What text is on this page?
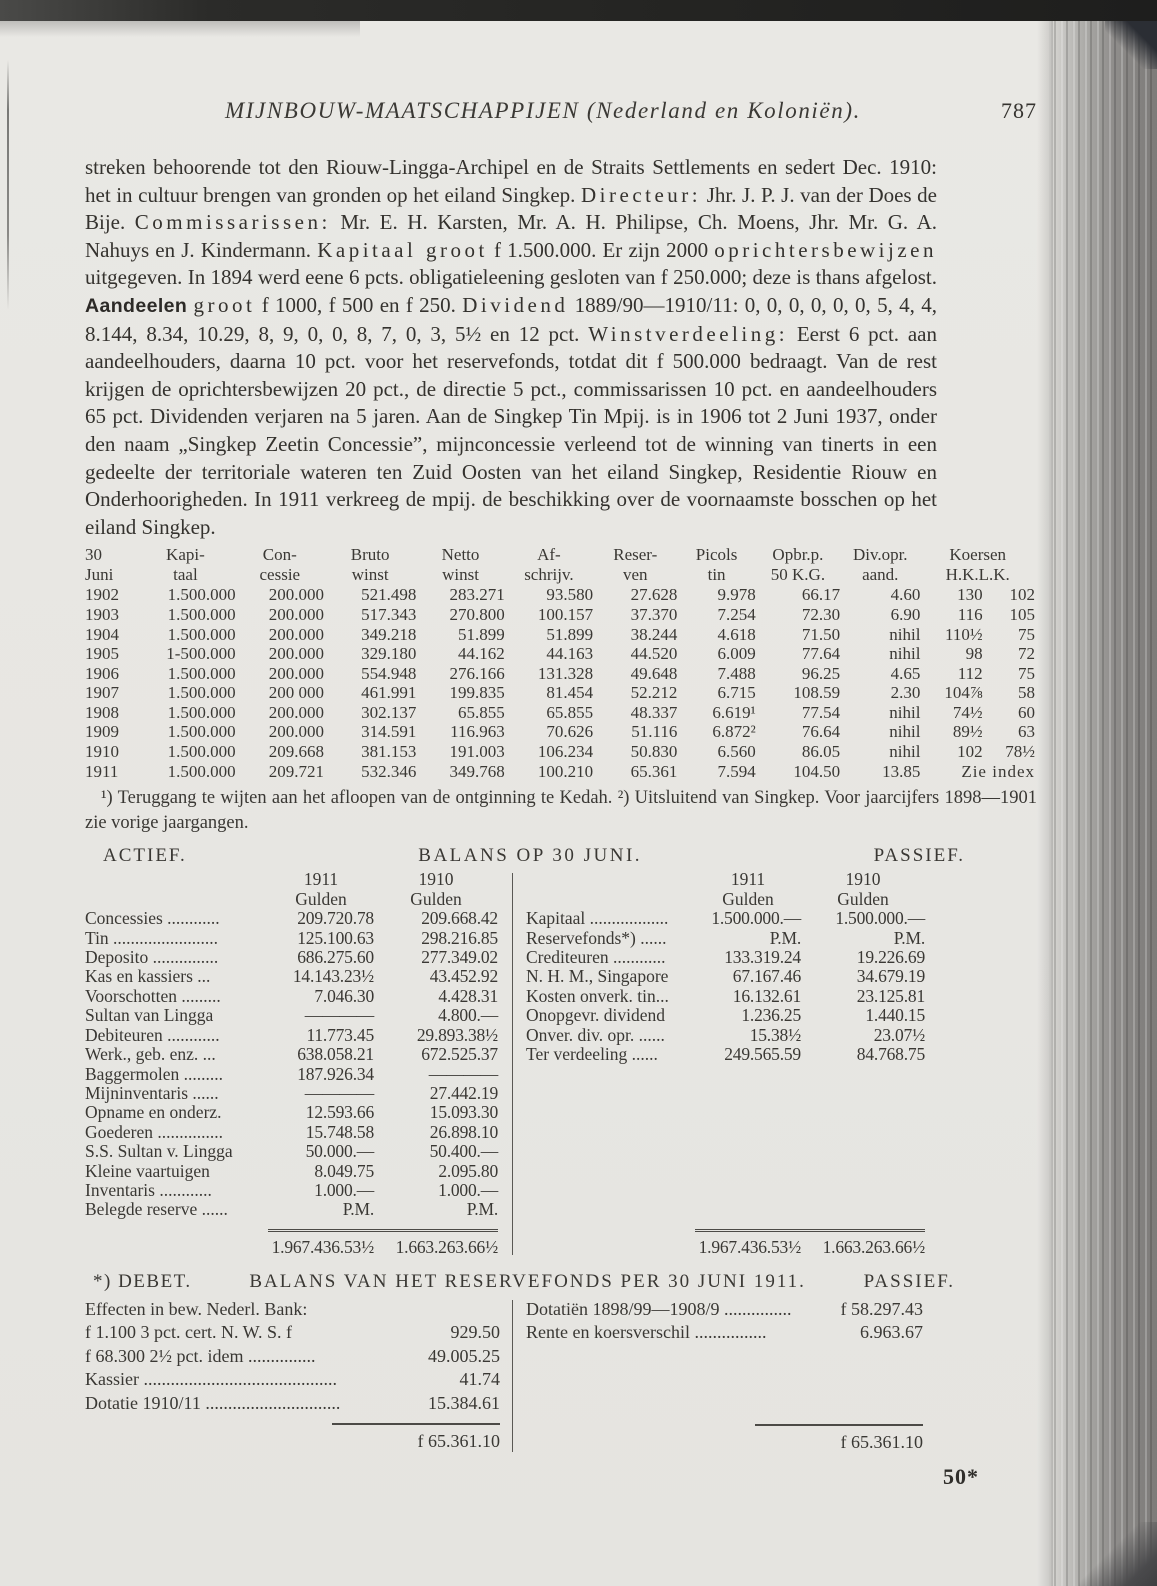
MIJNBOUW-MAATSCHAPPIJEN (Nederland en Koloniën).	787
streken behoorende tot den Riouw-Lingga-Archipel en de Straits Settlements en sedert Dec. 1910: het in cultuur brengen van gronden op het eiland Singkep. Directeur: Jhr. J. P. J. van der Does de Bije. Commissarissen: Mr. E. H. Karsten, Mr. A. H. Philipse, Ch. Moens, Jhr. Mr. G. A. Nahuys en J. Kindermann. Kapitaal groot f 1.500.000. Er zijn 2000 oprichtersbewijzen uitgegeven. In 1894 werd eene 6 pcts. obligatieleening gesloten van f 250.000; deze is thans afgelost. Aandeelen groot f 1000, f 500 en f 250. Dividend 1889/90—1910/11: 0, 0, 0, 0, 0, 0, 5, 4, 4, 8.144, 8.34, 10.29, 8, 9, 0, 0, 8, 7, 0, 3, 5½ en 12 pct. Winstverdeeling: Eerst 6 pct. aan aandeelhouders, daarna 10 pct. voor het reservefonds, totdat dit f 500.000 bedraagt. Van de rest krijgen de oprichtersbewijzen 20 pct., de directie 5 pct., commissarissen 10 pct. en aandeelhouders 65 pct. Dividenden verjaren na 5 jaren. Aan de Singkep Tin Mpij. is in 1906 tot 2 Juni 1937, onder den naam „Singkep Zeetin Concessie”, mijnconcessie verleend tot de winning van tinerts in een gedeelte der territoriale wateren ten Zuid Oosten van het eiland Singkep, Residentie Riouw en Onderhoorigheden. In 1911 verkreeg de mpij. de beschikking over de voornaamste bosschen op het eiland Singkep.
30	Kapi-	Con-	Bruto	Netto	Af-	Reser-	Picols	Opbr.p.	Div.opr.	Koersen	
Juni	taal	cessie	winst	winst	schrijv.	ven	tin	50 K.G.	aand.	H.K.L.K.	
1902	1.500.000	200.000	521.498	283.271	93.580	27.628	9.978	66.17	4.60	130	102
1903	1.500.000	200.000	517.343	270.800	100.157	37.370	7.254	72.30	6.90	116	105
1904	1.500.000	200.000	349.218	51.899	51.899	38.244	4.618	71.50	nihil	110½	75
1905	1-500.000	200.000	329.180	44.162	44.163	44.520	6.009	77.64	nihil	98	72
1906	1.500.000	200.000	554.948	276.166	131.328	49.648	7.488	96.25	4.65	112	75
1907	1.500.000	200 000	461.991	199.835	81.454	52.212	6.715	108.59	2.30	104⅞	58
1908	1.500.000	200.000	302.137	65.855	65.855	48.337	6.619¹	77.54	nihil	74½	60
1909	1.500.000	200.000	314.591	116.963	70.626	51.116	6.872²	76.64	nihil	89½	63
1910	1.500.000	209.668	381.153	191.003	106.234	50.830	6.560	86.05	nihil	102	78½
1911	1.500.000	209.721	532.346	349.768	100.210	65.361	7.594	104.50	13.85	Zie index	
¹) Teruggang te wijten aan het afloopen van de ontginning te Kedah. ²) Uitsluitend van Singkep. Voor jaarcijfers 1898—1901 zie vorige jaargangen.
ACTIEF.	BALANS OP 30 JUNI.	PASSIEF.
1911	1910
Gulden	Gulden
Concessies ............	209.720.78	209.668.42
Tin ........................	125.100.63	298.216.85
Deposito ...............	686.275.60	277.349.02
Kas en kassiers ...	14.143.23½	43.452.92
Voorschotten .........	7.046.30	4.428.31
Sultan van Lingga	————	4.800.—
Debiteuren ............	11.773.45	29.893.38½
Werk., geb. enz. ...	638.058.21	672.525.37
Baggermolen .........	187.926.34	————
Mijninventaris ......	————	27.442.19
Opname en onderz.	12.593.66	15.093.30
Goederen ...............	15.748.58	26.898.10
S.S. Sultan v. Lingga	50.000.—	50.400.—
Kleine vaartuigen	8.049.75	2.095.80
Inventaris ............	1.000.—	1.000.—
Belegde reserve ......	P.M.	P.M.
1.967.436.53½	1.663.263.66½
1911	1910
Gulden	Gulden
Kapitaal ..................	1.500.000.—	1.500.000.—
Reservefonds*) ......	P.M.	P.M.
Crediteuren ............	133.319.24	19.226.69
N. H. M., Singapore	67.167.46	34.679.19
Kosten onverk. tin...	16.132.61	23.125.81
Onopgevr. dividend	1.236.25	1.440.15
Onver. div. opr. ......	15.38½	23.07½
Ter verdeeling ......	249.565.59	84.768.75
1.967.436.53½	1.663.263.66½
*) DEBET.	BALANS VAN HET RESERVEFONDS PER 30 JUNI 1911.	PASSIEF.
Effecten in bew. Nederl. Bank:
f 1.100 3 pct. cert. N. W. S. f	929.50
f 68.300 2½ pct. idem ...............	49.005.25
Kassier ...........................................	41.74
Dotatie 1910/11 ..............................	15.384.61
f 65.361.10
Dotatiën 1898/99—1908/9 ...............	f 58.297.43
Rente en koersverschil ................	6.963.67
f 65.361.10
50*
